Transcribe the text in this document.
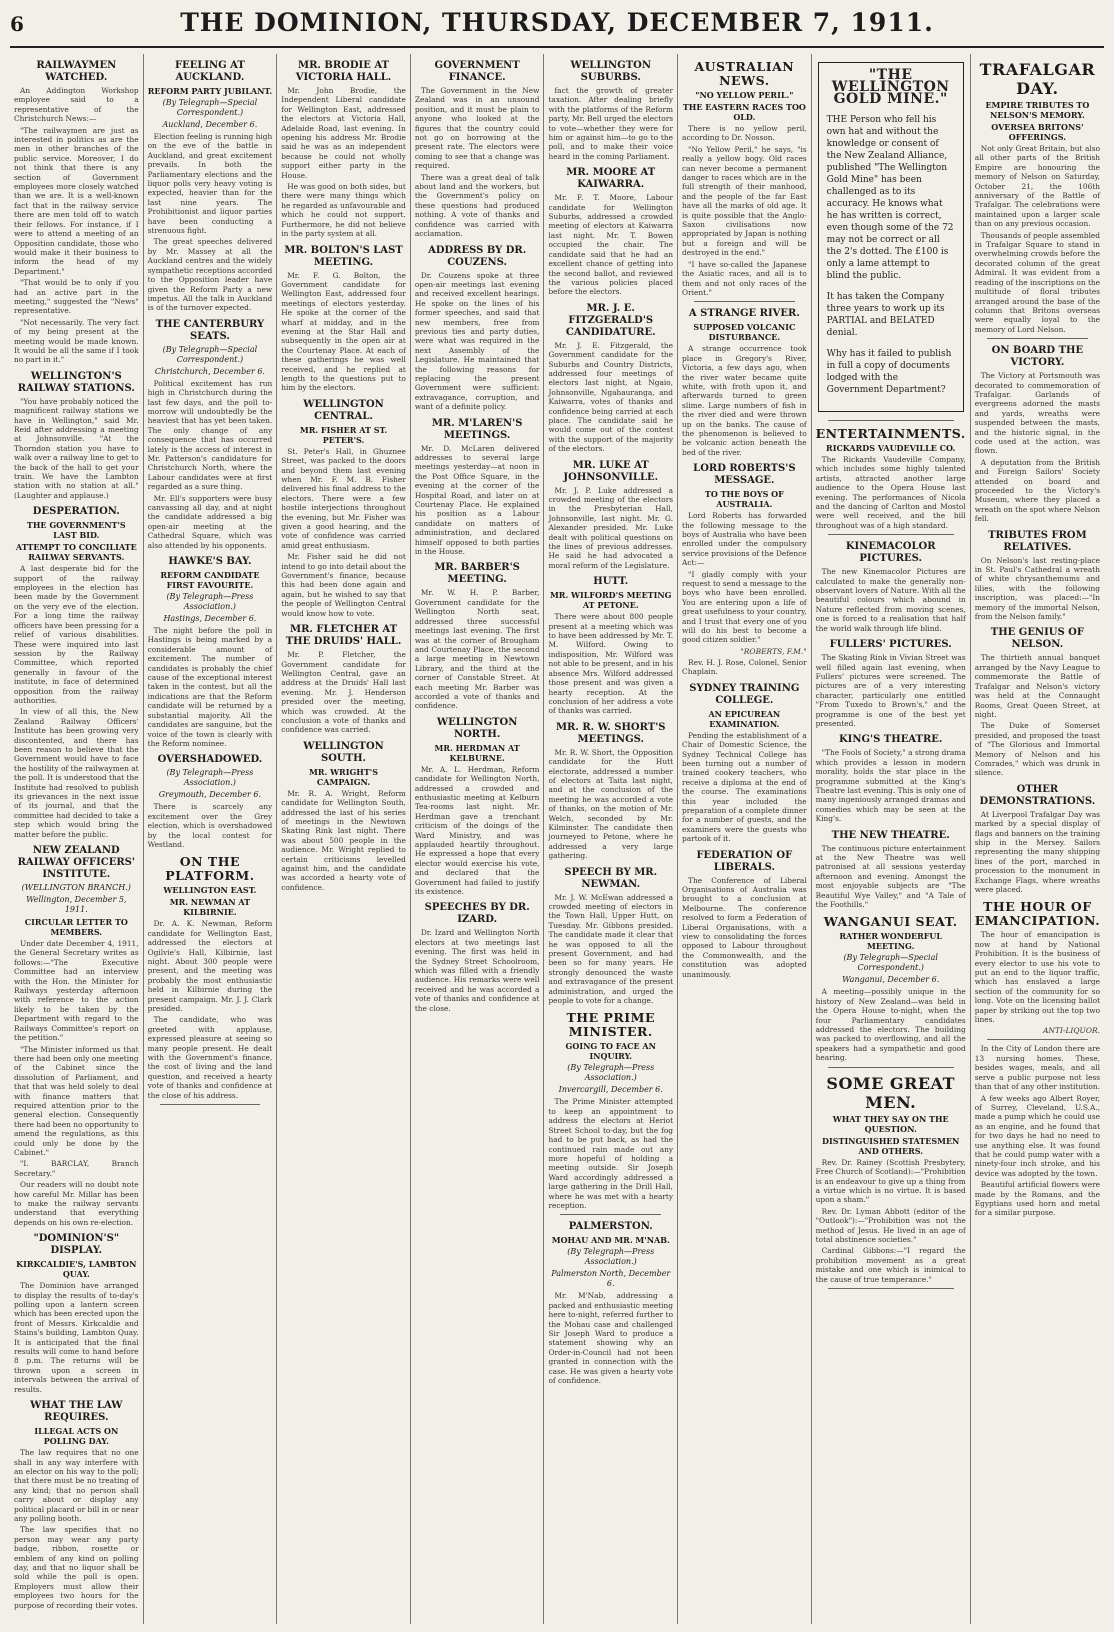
6	THE DOMINION, THURSDAY, DECEMBER 7, 1911.
RAILWAYMEN WATCHED.

An Addington Workshop employee said to a representative of the Christchurch News:—

"The railwaymen are just as interested in politics as are the men in other branches of the public service. Moreover, I do not think that there is any section of Government employees more closely watched than we are. It is a well-known fact that in the railway service there are men told off to watch their fellows. For instance, if I were to attend a meeting of an Opposition candidate, those who would make it their business to inform the head of my Department."

"That would be to only if you had an active part in the meeting," suggested the "News" representative.

"Not necessarily. The very fact of my being present at the meeting would be made known. It would be all the same if I took no part in it."

WELLINGTON'S RAILWAY STATIONS.

"You have probably noticed the magnificent railway stations we have in Wellington," said Mr. Reid after addressing a meeting at Johnsonville. "At the Thorndon station you have to walk over a railway line to get to the back of the hall to get your train. We have the Lambton station with no station at all." (Laughter and applause.)

DESPERATION.
THE GOVERNMENT'S LAST BID.
ATTEMPT TO CONCILIATE RAILWAY SERVANTS.

A last desperate bid for the support of the railway employees in the election has been made by the Government on the very eve of the election. For a long time the railway officers have been pressing for a relief of various disabilities. These were inquired into last session by the Railway Committee, which reported generally in favour of the institute, in face of determined opposition from the railway authorities.

In view of all this, the New Zealand Railway Officers' Institute has been growing very discontented, and there has been reason to believe that the Government would have to face the hostility of the railwaymen at the poll. It is understood that the Institute had resolved to publish its grievances in the next issue of its journal, and that the committee had decided to take a step which would bring the matter before the public.

NEW ZEALAND RAILWAY OFFICERS' INSTITUTE.
(WELLINGTON BRANCH.)
Wellington, December 5, 1911.
CIRCULAR LETTER TO MEMBERS.

Under date December 4, 1911, the General Secretary writes as follows:—"The Executive Committee had an interview with the Hon. the Minister for Railways yesterday afternoon with reference to the action likely to be taken by the Department with regard to the Railways Committee's report on the petition."

"The Minister informed us that there had been only one meeting of the Cabinet since the dissolution of Parliament, and that that was held solely to deal with finance matters that required attention prior to the general election. Consequently there had been no opportunity to amend the regulations, as this could only be done by the Cabinet."

"I. BARCLAY, Branch Secretary."

Our readers will no doubt note how careful Mr. Millar has been to make the railway servants understand that everything depends on his own re-election.

"DOMINION'S" DISPLAY.
KIRKCALDIE'S, LAMBTON QUAY.

The Dominion have arranged to display the results of to-day's polling upon a lantern screen which has been erected upon the front of Messrs. Kirkcaldie and Stains's building, Lambton Quay. It is anticipated that the final results will come to hand before 8 p.m. The returns will be thrown upon a screen in intervals between the arrival of results.

WHAT THE LAW REQUIRES.
ILLEGAL ACTS ON POLLING DAY.

The law requires that no one shall in any way interfere with an elector on his way to the poll; that there must be no treating of any kind; that no person shall carry about or display any political placard or bill in or near any polling booth.

The law specifies that no person may wear any party badge, ribbon, rosette or emblem of any kind on polling day, and that no liquor shall be sold while the poll is open. Employers must allow their employees two hours for the purpose of recording their votes.

FEELING AT AUCKLAND.
REFORM PARTY JUBILANT.
(By Telegraph—Special Correspondent.)
Auckland, December 6.

Election feeling is running high on the eve of the battle in Auckland, and great excitement prevails. In both the Parliamentary elections and the liquor polls very heavy voting is expected, heavier than for the last nine years. The Prohibitionist and liquor parties have been conducting a strenuous fight.

The great speeches delivered by Mr. Massey at all the Auckland centres and the widely sympathetic receptions accorded to the Opposition leader have given the Reform Party a new impetus. All the talk in Auckland is of the turnover expected.

THE CANTERBURY SEATS.
(By Telegraph—Special Correspondent.)
Christchurch, December 6.

Political excitement has run high in Christchurch during the last few days, and the poll to-morrow will undoubtedly be the heaviest that has yet been taken. The only change of any consequence that has occurred lately is the access of interest in Mr. Patterson's candidature for Christchurch North, where the Labour candidates were at first regarded as a sure thing.

Mr. Ell's supporters were busy canvassing all day, and at night the candidate addressed a big open-air meeting at the Cathedral Square, which was also attended by his opponents.

HAWKE'S BAY.
REFORM CANDIDATE FIRST FAVOURITE.
(By Telegraph—Press Association.)
Hastings, December 6.

The night before the poll in Hastings is being marked by a considerable amount of excitement. The number of candidates is probably the chief cause of the exceptional interest taken in the contest, but all the indications are that the Reform candidate will be returned by a substantial majority. All the candidates are sanguine, but the voice of the town is clearly with the Reform nominee.

OVERSHADOWED.
(By Telegraph—Press Association.)
Greymouth, December 6.

There is scarcely any excitement over the Grey election, which is overshadowed by the local contest for Westland.

ON THE PLATFORM.
WELLINGTON EAST.
MR. NEWMAN AT KILBIRNIE.

Dr. A. K. Newman, Reform candidate for Wellington East, addressed the electors at Ogilvie's Hall, Kilbirnie, last night. About 300 people were present, and the meeting was probably the most enthusiastic held in Kilbirnie during the present campaign. Mr. J. J. Clark presided.

The candidate, who was greeted with applause, expressed pleasure at seeing so many people present. He dealt with the Government's finance, the cost of living and the land question, and received a hearty vote of thanks and confidence at the close of his address.

MR. BRODIE AT VICTORIA HALL.

Mr. John Brodie, the Independent Liberal candidate for Wellington East, addressed the electors at Victoria Hall, Adelaide Road, last evening. In opening his address Mr. Brodie said he was as an independent because he could not wholly support either party in the House.

He was good on both sides, but there were many things which he regarded as unfavourable and which he could not support. Furthermore, he did not believe in the party system at all.

MR. BOLTON'S LAST MEETING.

Mr. F. G. Bolton, the Government candidate for Wellington East, addressed four meetings of electors yesterday. He spoke at the corner of the wharf at midday, and in the evening at the Star Hall and subsequently in the open air at the Courtenay Place. At each of these gatherings he was well received, and he replied at length to the questions put to him by the electors.

WELLINGTON CENTRAL.
MR. FISHER AT ST. PETER'S.

St. Peter's Hall, in Ghuznee Street, was packed to the doors and beyond them last evening when Mr. F. M. B. Fisher delivered his final address to the electors. There were a few hostile interjections throughout the evening, but Mr. Fisher was given a good hearing, and the vote of confidence was carried amid great enthusiasm.

Mr. Fisher said he did not intend to go into detail about the Government's finance, because this had been done again and again, but he wished to say that the people of Wellington Central would know how to vote.

MR. FLETCHER AT THE DRUIDS' HALL.

Mr. P. Fletcher, the Government candidate for Wellington Central, gave an address at the Druids' Hall last evening. Mr. J. Henderson presided over the meeting, which was crowded. At the conclusion a vote of thanks and confidence was carried.

WELLINGTON SOUTH.
MR. WRIGHT'S CAMPAIGN.

Mr. R. A. Wright, Reform candidate for Wellington South, addressed the last of his series of meetings in the Newtown Skating Rink last night. There was about 500 people in the audience. Mr. Wright replied to certain criticisms levelled against him, and the candidate was accorded a hearty vote of confidence.

GOVERNMENT FINANCE.

The Government in the New Zealand was in an unsound position, and it must be plain to anyone who looked at the figures that the country could not go on borrowing at the present rate. The electors were coming to see that a change was required.

There was a great deal of talk about land and the workers, but the Government's policy on these questions had produced nothing. A vote of thanks and confidence was carried with acclamation.

ADDRESS BY DR. COUZENS.

Dr. Couzens spoke at three open-air meetings last evening and received excellent hearings. He spoke on the lines of his former speeches, and said that new members, free from previous ties and party duties, were what was required in the next Assembly of the Legislature. He maintained that the following reasons for replacing the present Government were sufficient: extravagance, corruption, and want of a definite policy.

MR. M'LAREN'S MEETINGS.

Mr. D. McLaren delivered addresses to several large meetings yesterday—at noon in the Post Office Square, in the evening at the corner of the Hospital Road, and later on at Courtenay Place. He explained his position as a Labour candidate on matters of administration, and declared himself opposed to both parties in the House.

MR. BARBER'S MEETING.

Mr. W. H. P. Barber, Government candidate for the Wellington North seat, addressed three successful meetings last evening. The first was at the corner of Brougham and Courtenay Place, the second a large meeting in Newtown Library, and the third at the corner of Constable Street. At each meeting Mr. Barber was accorded a vote of thanks and confidence.

WELLINGTON NORTH.
MR. HERDMAN AT KELBURNE.

Mr. A. L. Herdman, Reform candidate for Wellington North, addressed a crowded and enthusiastic meeting at Kelburn Tea-rooms last night. Mr. Herdman gave a trenchant criticism of the doings of the Ward Ministry, and was applauded heartily throughout. He expressed a hope that every elector would exercise his vote, and declared that the Government had failed to justify its existence.

SPEECHES BY DR. IZARD.

Dr. Izard and Wellington North electors at two meetings last evening. The first was held in the Sydney Street Schoolroom, which was filled with a friendly audience. His remarks were well received and he was accorded a vote of thanks and confidence at the close.

WELLINGTON SUBURBS.

fact the growth of greater taxation. After dealing briefly with the platforms of the Reform party, Mr. Bell urged the electors to vote—whether they were for him or against him—to go to the poll, and to make their voice heard in the coming Parliament.

MR. MOORE AT KAIWARRA.

Mr. F. T. Moore, Labour candidate for Wellington Suburbs, addressed a crowded meeting of electors at Kaiwarra last night. Mr. T. Bowen occupied the chair. The candidate said that he had an excellent chance of getting into the second ballot, and reviewed the various policies placed before the electors.

MR. J. E. FITZGERALD'S CANDIDATURE.

Mr. J. E. Fitzgerald, the Government candidate for the Suburbs and Country Districts, addressed four meetings of electors last night, at Ngaio, Johnsonville, Ngahauranga, and Kaiwarra, votes of thanks and confidence being carried at each place. The candidate said he would come out of the contest with the support of the majority of the electors.

MR. LUKE AT JOHNSONVILLE.

Mr. J. P. Luke addressed a crowded meeting of the electors in the Presbyterian Hall, Johnsonville, last night. Mr. G. Alexander presided. Mr. Luke dealt with political questions on the lines of previous addresses. He said he had advocated a moral reform of the Legislature.

HUTT.
MR. WILFORD'S MEETING AT PETONE.

There were about 800 people present at a meeting which was to have been addressed by Mr. T. M. Wilford. Owing to indisposition, Mr. Wilford was not able to be present, and in his absence Mrs. Wilford addressed those present and was given a hearty reception. At the conclusion of her address a vote of thanks was carried.

MR. R. W. SHORT'S MEETINGS.

Mr. R. W. Short, the Opposition candidate for the Hutt electorate, addressed a number of electors at Taita last night, and at the conclusion of the meeting he was accorded a vote of thanks, on the motion of Mr. Welch, seconded by Mr. Kilminster. The candidate then journeyed to Petone, where he addressed a very large gathering.

SPEECH BY MR. NEWMAN.

Mr. J. W. McEwan addressed a crowded meeting of electors in the Town Hall, Upper Hutt, on Tuesday. Mr. Gibbons presided. The candidate made it clear that he was opposed to all the present Government, and had been so for many years. He strongly denounced the waste and extravagance of the present administration, and urged the people to vote for a change.

THE PRIME MINISTER.
GOING TO FACE AN INQUIRY.
(By Telegraph—Press Association.)
Invercargill, December 6.

The Prime Minister attempted to keep an appointment to address the electors at Heriot Street School to-day, but the fog had to be put back, as had the continued rain made out any more hopeful of holding a meeting outside. Sir Joseph Ward accordingly addressed a large gathering in the Drill Hall, where he was met with a hearty reception.

PALMERSTON.
MOHAU AND MR. M'NAB.
(By Telegraph—Press Association.)
Palmerston North, December 6.

Mr. M'Nab, addressing a packed and enthusiastic meeting here to-night, referred further to the Mohau case and challenged Sir Joseph Ward to produce a statement showing why an Order-in-Council had not been granted in connection with the case. He was given a hearty vote of confidence.

AUSTRALIAN NEWS.
"NO YELLOW PERIL."
THE EASTERN RACES TOO OLD.

There is no yellow peril, according to Dr. Nosson.

"No Yellow Peril," he says, "is really a yellow bogy. Old races can never become a permanent danger to races which are in the full strength of their manhood, and the people of the far East have all the marks of old age. It is quite possible that the Anglo-Saxon civilisations now appropriated by Japan is nothing but a foreign and will be destroyed in the end."

"I have so-called the Japanese the Asiatic races, and all is to them and not only races of the Orient."

A STRANGE RIVER.
SUPPOSED VOLCANIC DISTURBANCE.

A strange occurrence took place in Gregory's River, Victoria, a few days ago, when the river water became quite white, with froth upon it, and afterwards turned to green slime. Large numbers of fish in the river died and were thrown up on the banks. The cause of the phenomenon is believed to be volcanic action beneath the bed of the river.

LORD ROBERTS'S MESSAGE.
TO THE BOYS OF AUSTRALIA.

Lord Roberts has forwarded the following message to the boys of Australia who have been enrolled under the compulsory service provisions of the Defence Act:—

"I gladly comply with your request to send a message to the boys who have been enrolled. You are entering upon a life of great usefulness to your country, and I trust that every one of you will do his best to become a good citizen soldier."

"ROBERTS, F.M."

Rev. H. J. Rose, Colonel, Senior Chaplain.

SYDNEY TRAINING COLLEGE.
AN EPICUREAN EXAMINATION.

Pending the establishment of a Chair of Domestic Science, the Sydney Technical College has been turning out a number of trained cookery teachers, who receive a diploma at the end of the course. The examinations this year included the preparation of a complete dinner for a number of guests, and the examiners were the guests who partook of it.

FEDERATION OF LIBERALS.

The Conference of Liberal Organisations of Australia was brought to a conclusion at Melbourne. The conference resolved to form a Federation of Liberal Organisations, with a view to consolidating the forces opposed to Labour throughout the Commonwealth, and the constitution was adopted unanimously.

"THE WELLINGTON GOLD MINE."

THE Person who fell his own hat and without the knowledge or consent of the New Zealand Alliance, published "The Wellington Gold Mine" has been challenged as to its accuracy. He knows what he has written is correct, even though some of the 72 may not be correct or all the 2's dotted. The £100 is only a lame attempt to blind the public.

It has taken the Company three years to work up its PARTIAL and BELATED denial.

Why has it failed to publish in full a copy of documents lodged with the Government Department?

ENTERTAINMENTS.
RICKARDS VAUDEVILLE CO.

The Rickards Vaudeville Company, which includes some highly talented artists, attracted another large audience to the Opera House last evening. The performances of Nicola and the dancing of Carlton and Mostol were well received, and the bill throughout was of a high standard.

KINEMACOLOR PICTURES.

The new Kinemacolor Pictures are calculated to make the generally non-observant lovers of Nature. With all the beautiful colours which abound in Nature reflected from moving scenes, one is forced to a realisation that half the world walk through life blind.

FULLERS' PICTURES.

The Skating Rink in Vivian Street was well filled again last evening, when Fullers' pictures were screened. The pictures are of a very interesting character, particularly one entitled "From Tuxedo to Brown's," and the programme is one of the best yet presented.

KING'S THEATRE.

"The Fools of Society," a strong drama which provides a lesson in modern morality, holds the star place in the programme submitted at the King's Theatre last evening. This is only one of many ingeniously arranged dramas and comedies which may be seen at the King's.

THE NEW THEATRE.

The continuous picture entertainment at the New Theatre was well patronised at all sessions yesterday afternoon and evening. Amongst the most enjoyable subjects are "The Beautiful Wye Valley," and "A Tale of the Foothills."

WANGANUI SEAT.
RATHER WONDERFUL MEETING.
(By Telegraph—Special Correspondent.)
Wanganui, December 6.

A meeting—possibly unique in the history of New Zealand—was held in the Opera House to-night, when the four Parliamentary candidates addressed the electors. The building was packed to overflowing, and all the speakers had a sympathetic and good hearing.

SOME GREAT MEN.
WHAT THEY SAY ON THE QUESTION.
DISTINGUISHED STATESMEN AND OTHERS.

Rev. Dr. Rainey (Scottish Presbytery, Free Church of Scotland):—"Prohibition is an endeavour to give up a thing from a virtue which is no virtue. It is based upon a sham."

Rev. Dr. Lyman Abbott (editor of the "Outlook"):—"Prohibition was not the method of Jesus. He lived in an age of total abstinence societies."

Cardinal Gibbons:—"I regard the prohibition movement as a great mistake and one which is inimical to the cause of true temperance."

TRAFALGAR DAY.
EMPIRE TRIBUTES TO NELSON'S MEMORY.
OVERSEA BRITONS' OFFERINGS.

Not only Great Britain, but also all other parts of the British Empire are honouring the memory of Nelson on Saturday, October 21, the 106th anniversary of the Battle of Trafalgar. The celebrations were maintained upon a larger scale than on any previous occasion.

Thousands of people assembled in Trafalgar Square to stand in overwhelming crowds before the decorated column of the great Admiral. It was evident from a reading of the inscriptions on the multitude of floral tributes arranged around the base of the column that Britons overseas were equally loyal to the memory of Lord Nelson.

ON BOARD THE VICTORY.

The Victory at Portsmouth was decorated to commemoration of Trafalgar. Garlands of evergreens adorned the masts and yards, wreaths were suspended between the masts, and the historic signal, in the code used at the action, was flown.

A deputation from the British and Foreign Sailors' Society attended on board and proceeded to the Victory's Museum, where they placed a wreath on the spot where Nelson fell.

TRIBUTES FROM RELATIVES.

On Nelson's last resting-place in St. Paul's Cathedral a wreath of white chrysanthemums and lilies, with the following inscription, was placed:—"In memory of the immortal Nelson, from the Nelson family."

THE GENIUS OF NELSON.

The thirtieth annual banquet arranged by the Navy League to commemorate the Battle of Trafalgar and Nelson's victory was held at the Connaught Rooms, Great Queen Street, at night.

The Duke of Somerset presided, and proposed the toast of "The Glorious and Immortal Memory of Nelson and his Comrades," which was drunk in silence.

OTHER DEMONSTRATIONS.

At Liverpool Trafalgar Day was marked by a special display of flags and banners on the training ship in the Mersey. Sailors representing the many shipping lines of the port, marched in procession to the monument in Exchange Flags, where wreaths were placed.

THE HOUR OF EMANCIPATION.

The hour of emancipation is now at hand by National Prohibition. It is the business of every elector to use his vote to put an end to the liquor traffic, which has enslaved a large section of the community for so long. Vote on the licensing ballot paper by striking out the top two lines.

ANTI-LIQUOR.

In the City of London there are 13 nursing homes. These, besides wages, meals, and all serve a public purpose not less than that of any other institution.

A few weeks ago Albert Royer, of Surrey, Cleveland, U.S.A., made a pump which he could use as an engine, and he found that for two days he had no need to use anything else. It was found that he could pump water with a ninety-four inch stroke, and his device was adopted by the town.

Beautiful artificial flowers were made by the Romans, and the Egyptians used horn and metal for a similar purpose.
